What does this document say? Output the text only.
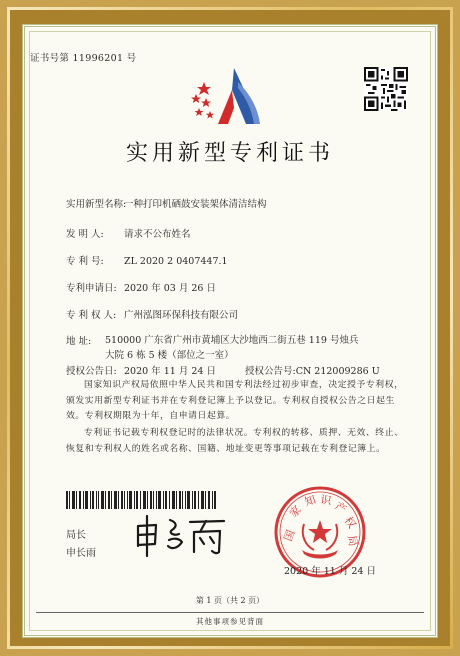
证书号第 11996201 号
实用新型专利证书
实用新型名称:一种打印机硒鼓安装架体清洁结构
发 明 人: 请求不公布姓名
专 利 号: ZL 2020 2 0407447.1
专利申请日: 2020 年 03 月 26 日
专 利 权 人: 广州泓图环保科技有限公司
地 址:	510000 广东省广州市黄埔区大沙地西二街五巷 119 号烛兵
大院 6 栋 5 楼（部位之一室）
授权公告日: 2020 年 11 月 24 日	授权公告号:CN 212009286 U
国家知识产权局依照中华人民共和国专利法经过初步审查，决定授予专利权，颁发实用新型专利证书并在专利登记簿上予以登记。专利权自授权公告之日起生效。专利权期限为十年，自申请日起算。
专利证书记载专利权登记时的法律状况。专利权的转移、质押、无效、终止、恢复和专利权人的姓名或名称、国籍、地址变更等事项记载在专利登记簿上。
局长
申长雨
国
家
知 识 产
权
局
2020 年 11 月 24 日
第 1 页（共 2 页）
其他事项参见背面
